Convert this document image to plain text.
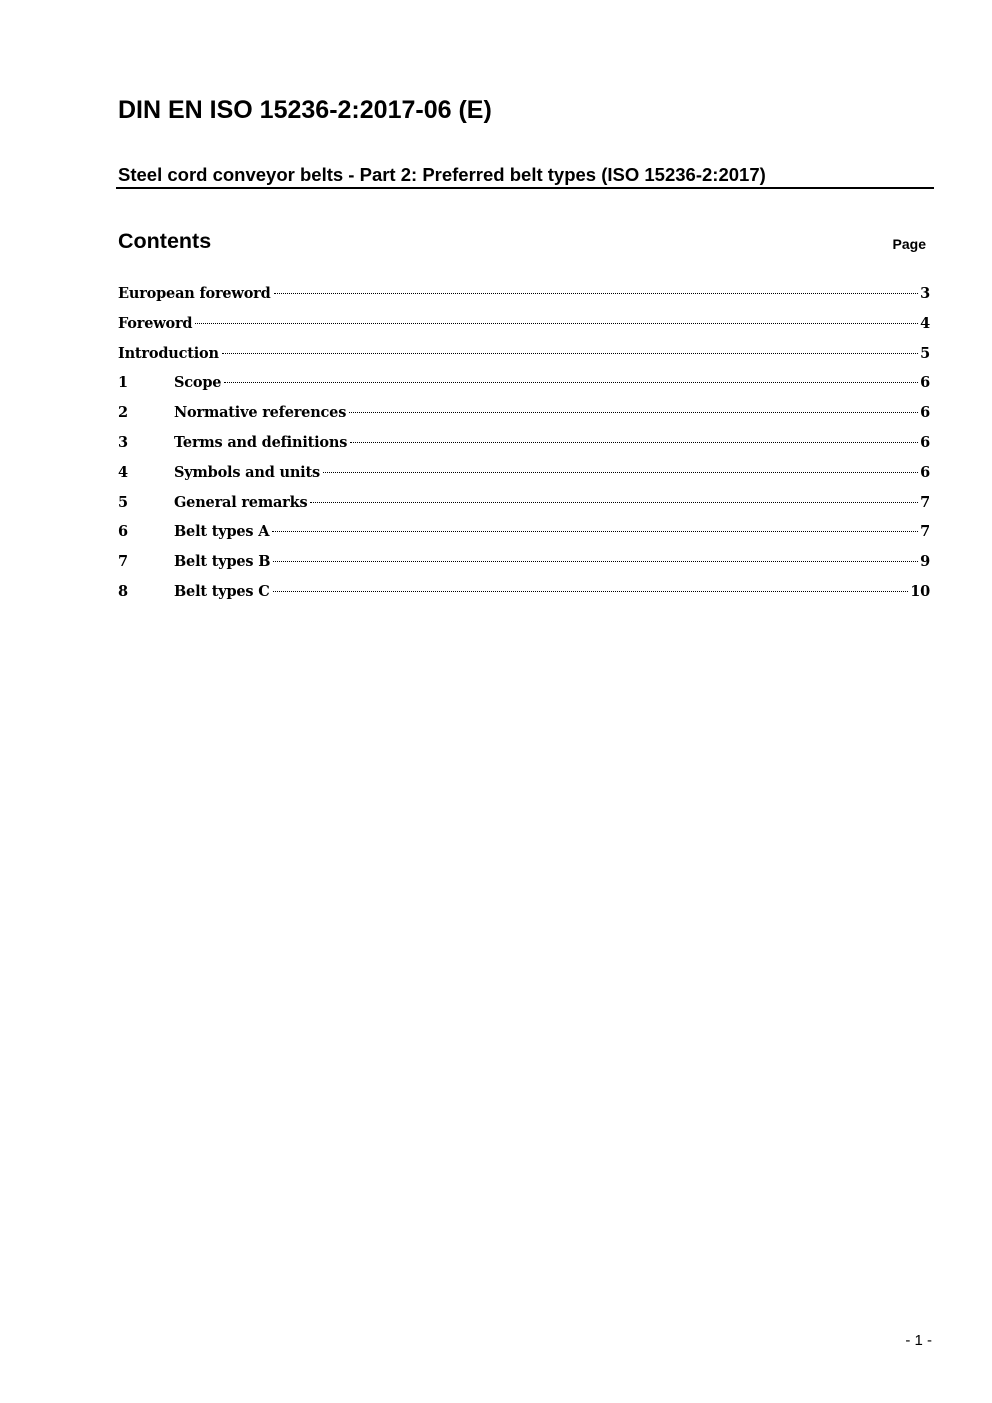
DIN EN ISO 15236-2:2017-06 (E)
Steel cord conveyor belts - Part 2: Preferred belt types (ISO 15236-2:2017)
Contents	Page
European foreword	3
Foreword	4
Introduction	5
1	Scope	6
2	Normative references	6
3	Terms and definitions	6
4	Symbols and units	6
5	General remarks	7
6	Belt types A	7
7	Belt types B	9
8	Belt types C	10
- 1 -
